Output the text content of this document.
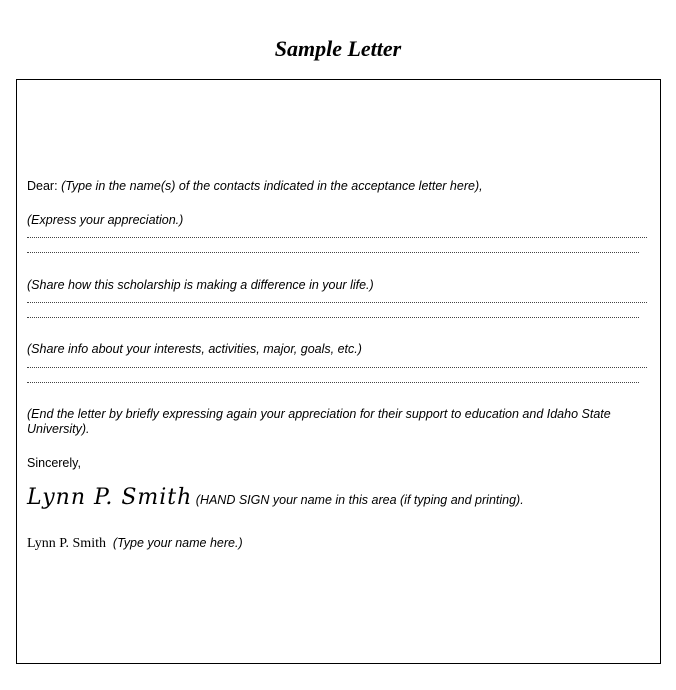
Sample Letter
Dear: (Type in the name(s) of the contacts indicated in the acceptance letter here),
(Express your appreciation.)
(Share how this scholarship is making a difference in your life.)
(Share info about your interests, activities, major, goals, etc.)
(End the letter by briefly expressing again your appreciation for their support to education and Idaho State University).
Sincerely,
Lynn P. Smith (HAND SIGN your name in this area (if typing and printing).
Lynn P. Smith (Type your name here.)
